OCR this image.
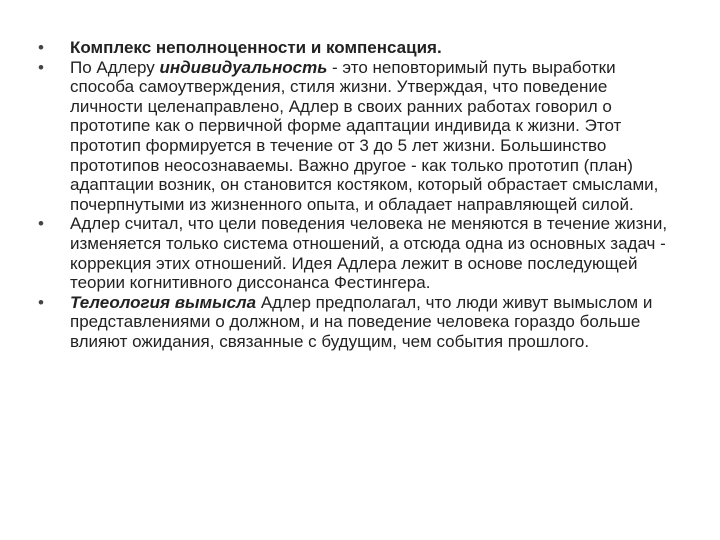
•	Комплекс неполноценности и компенсация.
•	По Адлеру индивидуальность - это неповторимый путь выработки способа самоутверждения, стиля жизни. Утверждая, что поведение личности целенаправлено, Адлер в своих ранних работах говорил о прототипе как о первичной форме адаптации индивида к жизни. Этот прототип формируется в течение от 3 до 5 лет жизни. Большинство прототипов неосознаваемы. Важно другое - как только прототип (план) адаптации возник, он становится костяком, который обрастает смыслами, почерпнутыми из жизненного опыта, и обладает направляющей силой.
•	Адлер считал, что цели поведения человека не меняются в течение жизни, изменяется только система отношений, а отсюда одна из основных задач - коррекция этих отношений. Идея Адлера лежит в основе последующей теории когнитивного диссонанса Фестингера.
•	Телеология вымысла Адлер предполагал, что люди живут вымыслом и представлениями о должном, и на поведение человека гораздо больше влияют ожидания, связанные с будущим, чем события прошлого.
